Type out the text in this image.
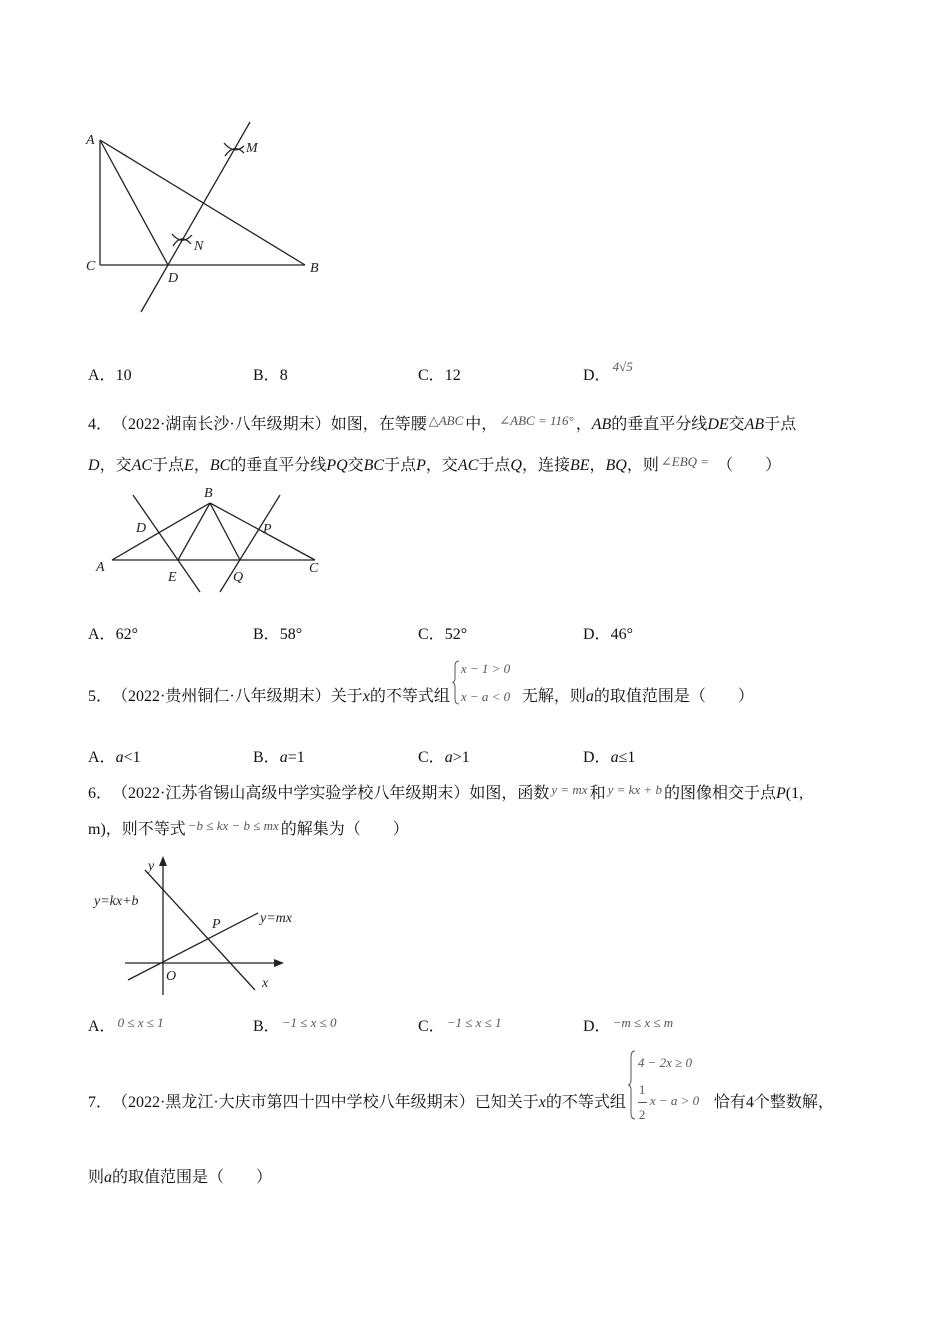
A
C
D
B
M
N
A． 10	B． 8	C． 12	D．
4√5
4． （2022·湖南长沙·八年级期末） 如图，在等腰 △ABC 中， ∠ABC = 116° ， AB 的垂直平分线 DE 交 AB 于点
D ，交 AC 于点 E ， BC 的垂直平分线 PQ 交 BC 于点 P ，交 AC 于点 Q ，连接 BE ， BQ ，则 ∠EBQ = （　　）
B
D	P
A
E	Q
C
A． 62°	B． 58°	C． 52°	D． 46°
5． （2022·贵州铜仁·八年级期末） 关于 x 的不等式组
x − 1 > 0
x − a < 0 无解，则 a 的取值范围是（　　）
A． a <1	B． a =1	C． a >1	D． a ≤1
6． （2022·江苏省锡山高级中学实验学校八年级期末） 如图，函数 y = mx 和 y = kx + b 的图像相交于点 P (1,
m)，则不等式 −b ≤ kx − b ≤ mx 的解集为（　　）
y
y=kx+b
P	y=mx
O	x
A． 0 ≤ x ≤ 1	B． −1 ≤ x ≤ 0	C． −1 ≤ x ≤ 1	D． −m ≤ x ≤ m
7． （2022·黑龙江·大庆市第四十四中学校八年级期末） 已知关于 x 的不等式组
4 − 2x ≥ 0
1
2
x − a > 0 恰有4个整数解，
则 a 的取值范围是（　　）
